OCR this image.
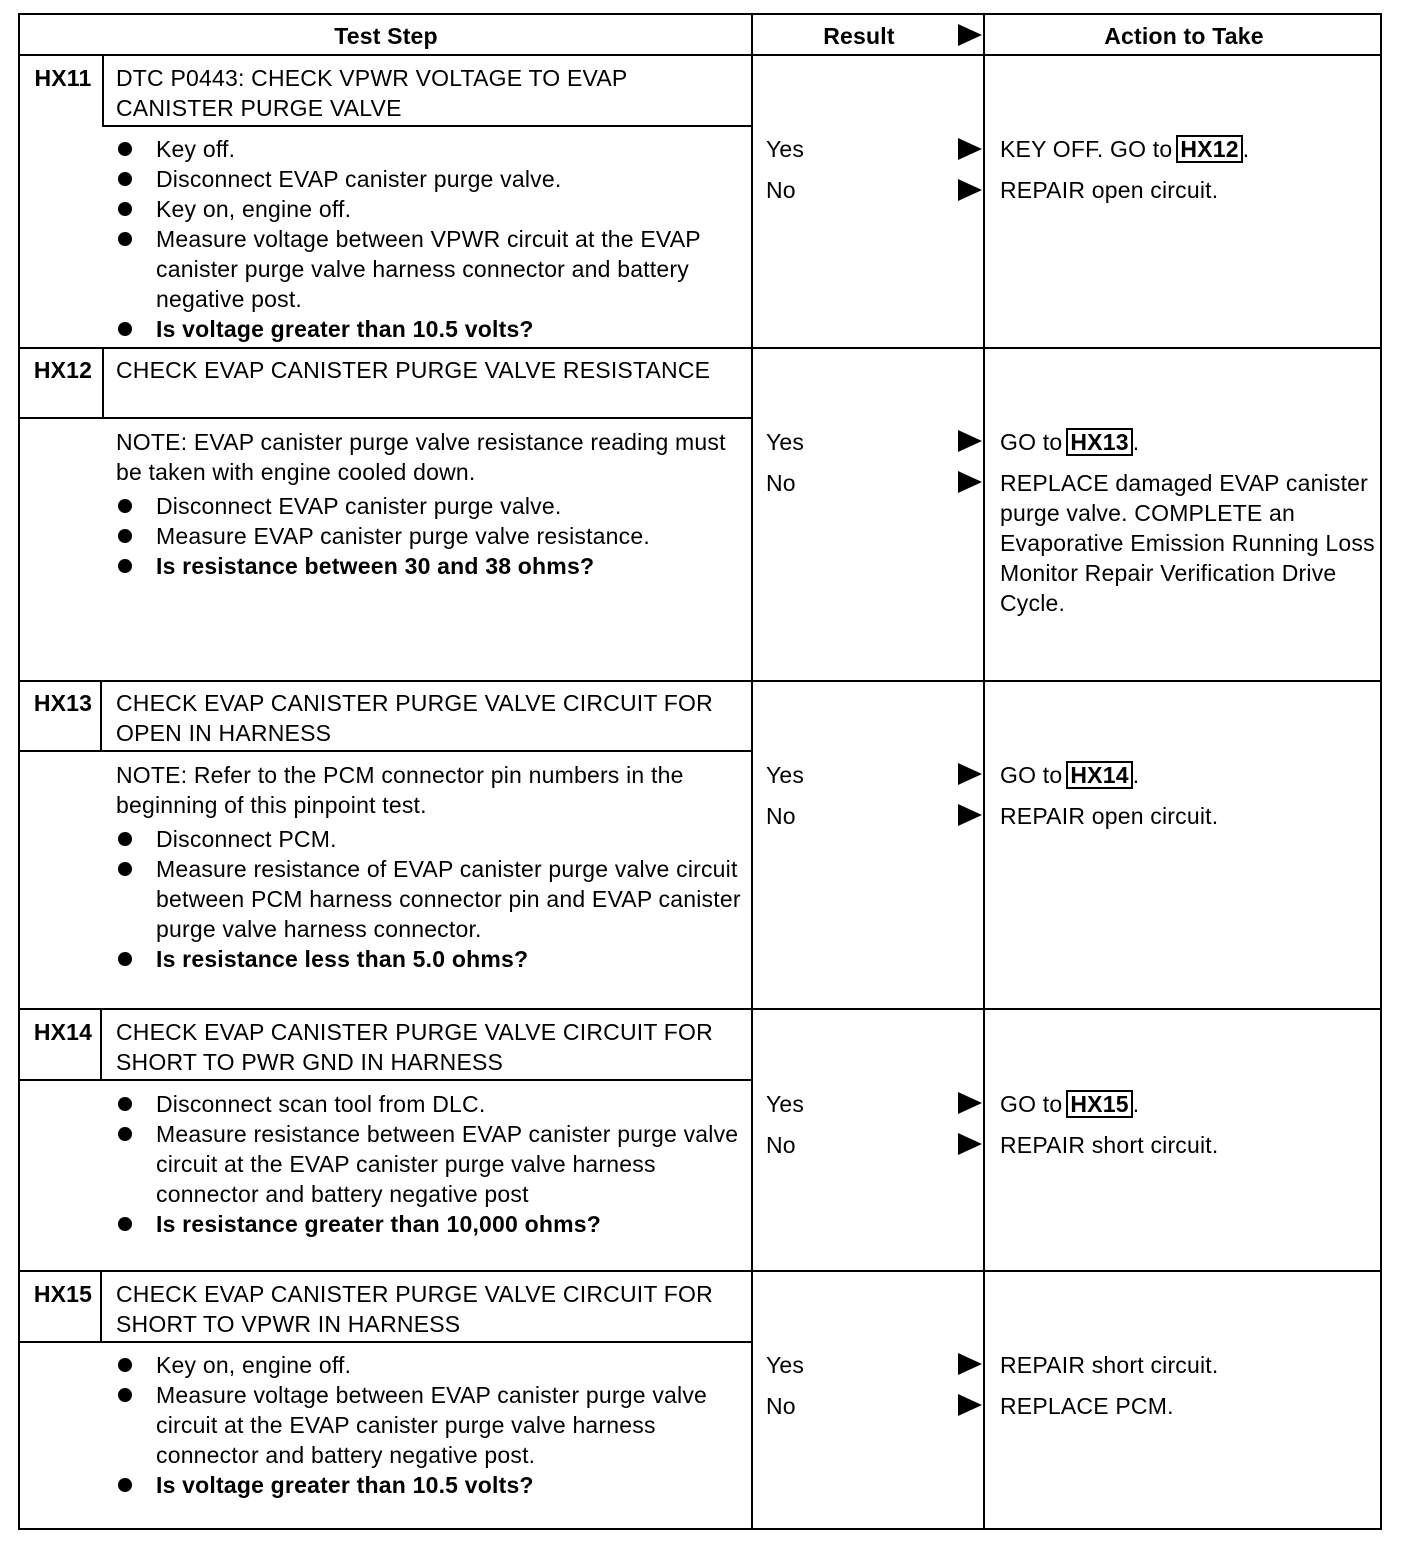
Test Step	Result	Action to Take
HX11	DTC P0443: CHECK VPWR VOLTAGE TO EVAP CANISTER PURGE VALVE
Key off.
Disconnect EVAP canister purge valve.
Key on, engine off.
Measure voltage between VPWR circuit at the EVAP canister purge valve harness connector and battery negative post.
Is voltage greater than 10.5 volts?
Yes	KEY OFF. GO to HX12 .
No	REPAIR open circuit.
HX12	CHECK EVAP CANISTER PURGE VALVE RESISTANCE
NOTE: EVAP canister purge valve resistance reading must be taken with engine cooled down.
Disconnect EVAP canister purge valve.
Measure EVAP canister purge valve resistance.
Is resistance between 30 and 38 ohms?
Yes	GO to HX13 .
No	REPLACE damaged EVAP canister purge valve. COMPLETE an Evaporative Emission Running Loss Monitor Repair Verification Drive Cycle.
HX13	CHECK EVAP CANISTER PURGE VALVE CIRCUIT FOR OPEN IN HARNESS
NOTE: Refer to the PCM connector pin numbers in the beginning of this pinpoint test.
Disconnect PCM.
Measure resistance of EVAP canister purge valve circuit between PCM harness connector pin and EVAP canister purge valve harness connector.
Is resistance less than 5.0 ohms?
Yes	GO to HX14 .
No	REPAIR open circuit.
HX14	CHECK EVAP CANISTER PURGE VALVE CIRCUIT FOR SHORT TO PWR GND IN HARNESS
Disconnect scan tool from DLC.
Measure resistance between EVAP canister purge valve circuit at the EVAP canister purge valve harness connector and battery negative post
Is resistance greater than 10,000 ohms?
Yes	GO to HX15 .
No	REPAIR short circuit.
HX15	CHECK EVAP CANISTER PURGE VALVE CIRCUIT FOR SHORT TO VPWR IN HARNESS
Key on, engine off.
Measure voltage between EVAP canister purge valve circuit at the EVAP canister purge valve harness connector and battery negative post.
Is voltage greater than 10.5 volts?
Yes	REPAIR short circuit.
No	REPLACE PCM.
